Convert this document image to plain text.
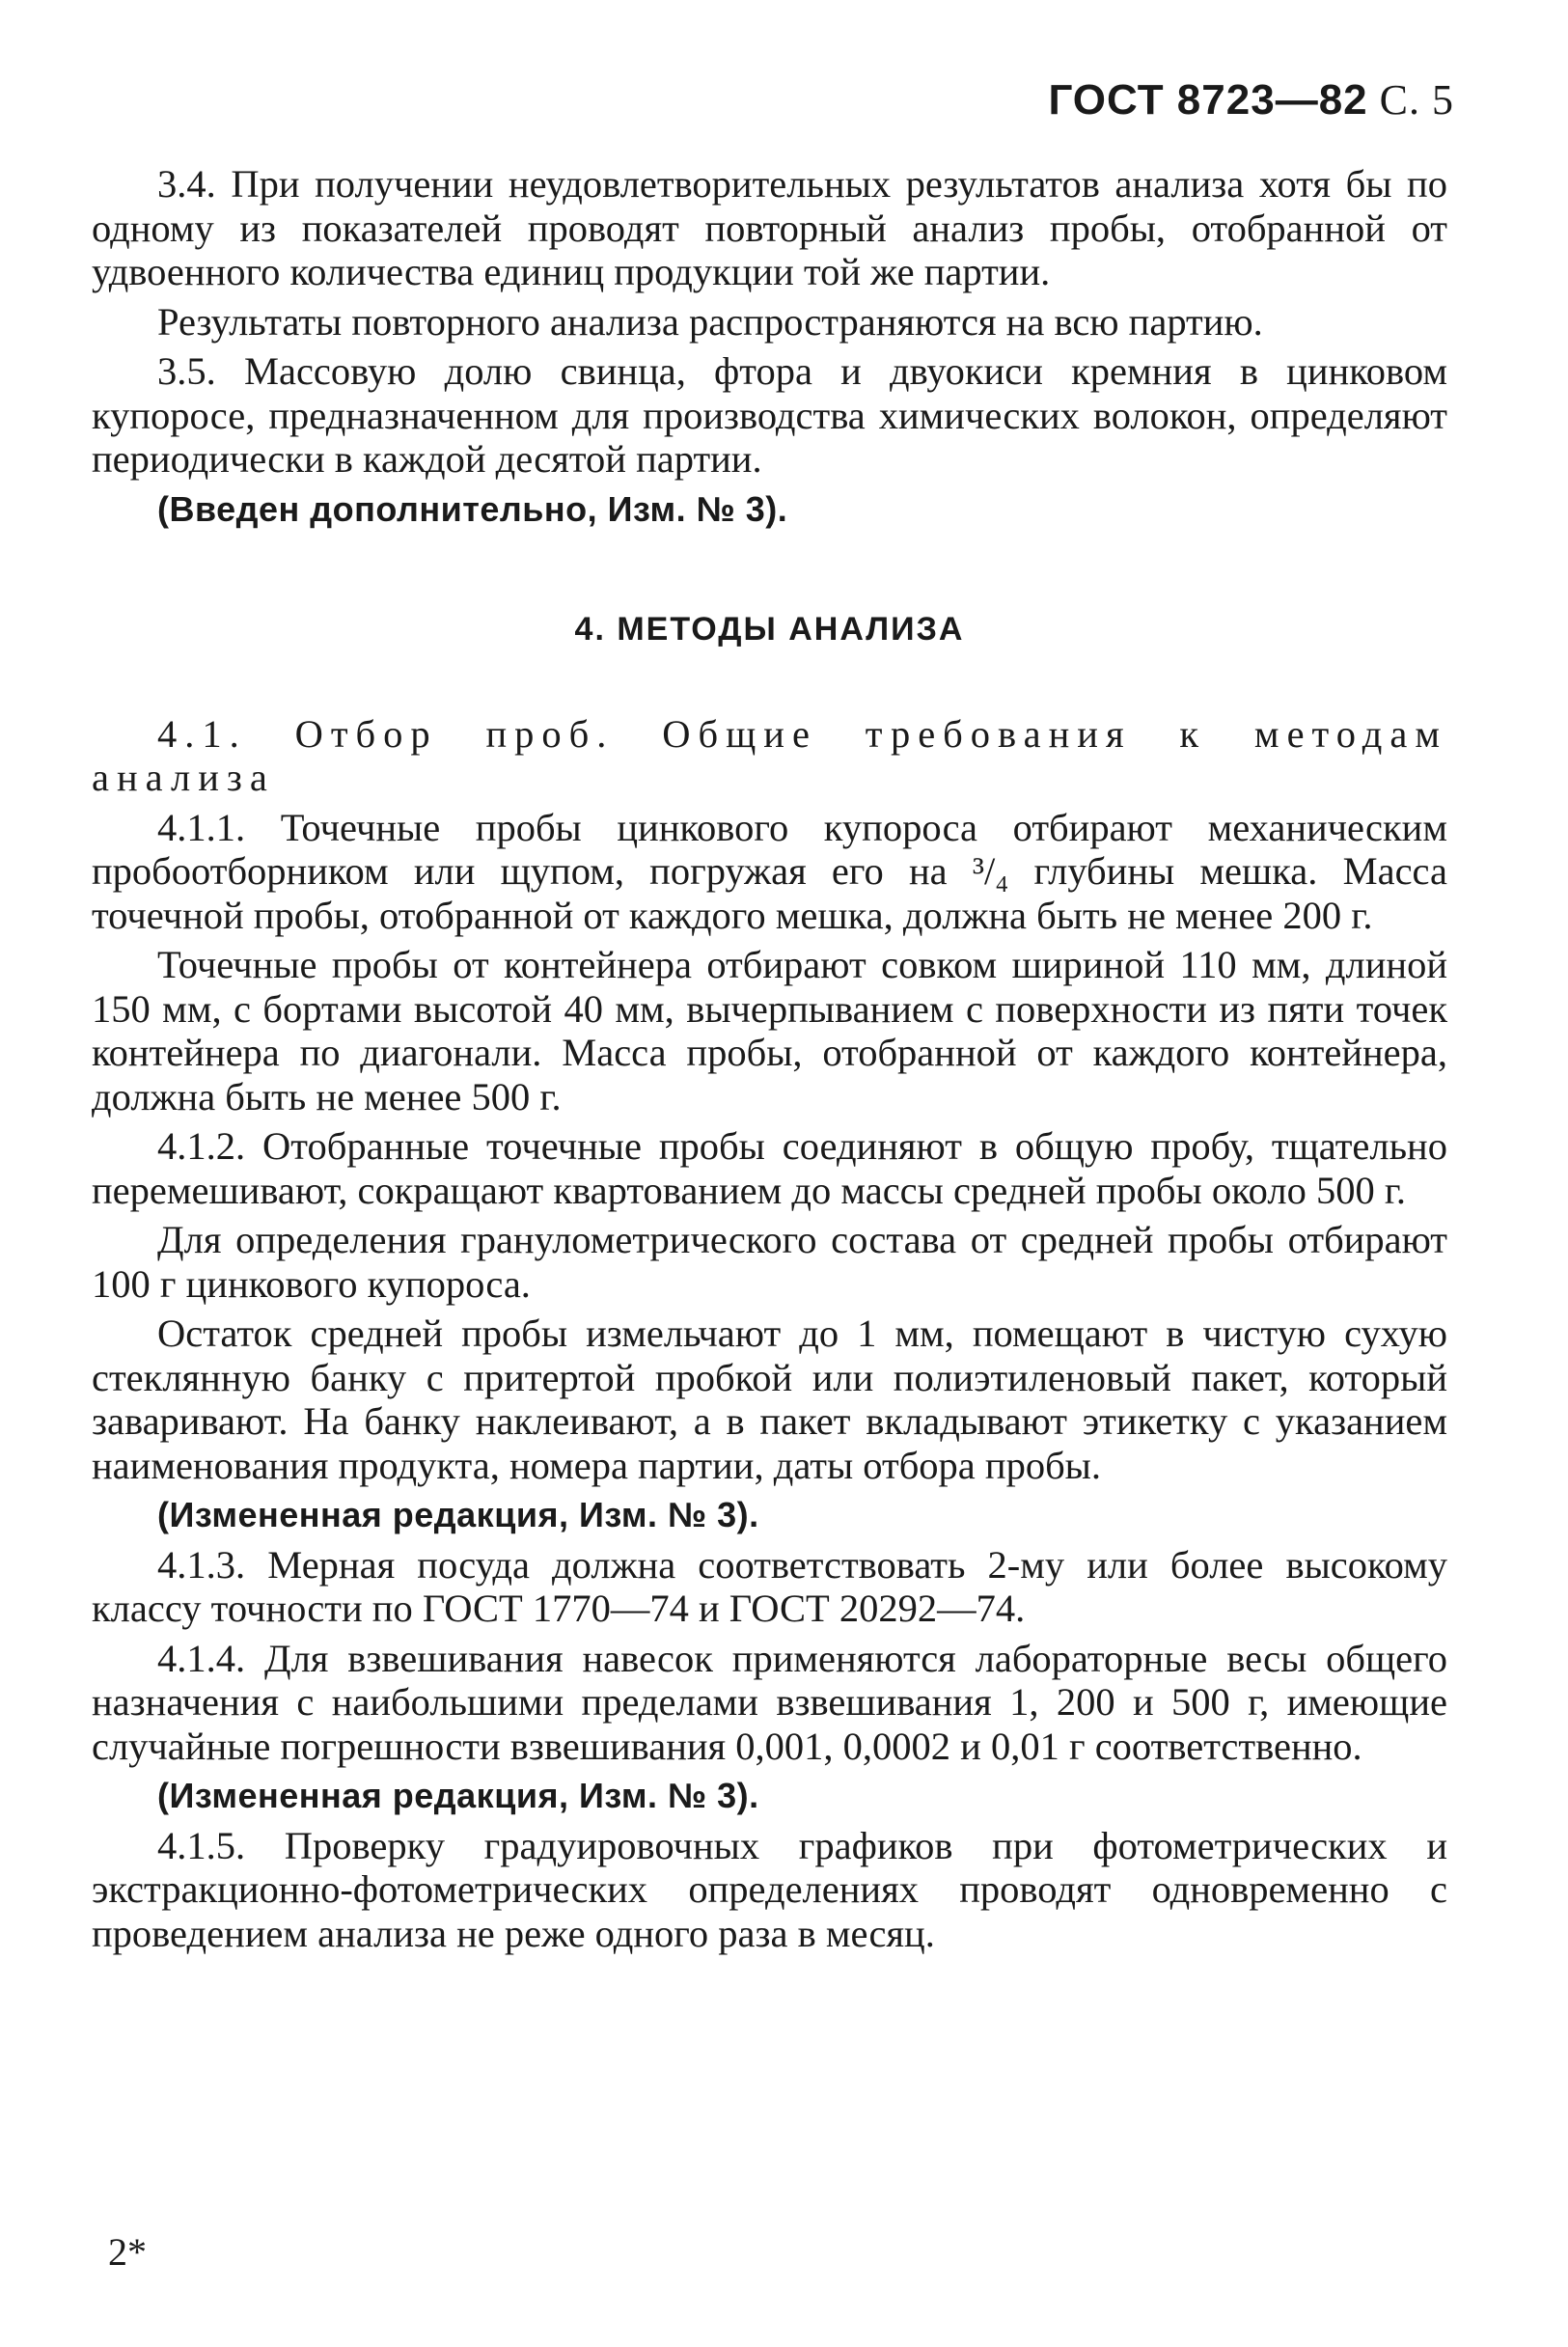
ГОСТ 8723—82 С. 5

3.4. При получении неудовлетворительных результатов анализа хотя бы по одному из показателей проводят повторный анализ пробы, отобранной от удвоенного количества единиц продукции той же партии.

Результаты повторного анализа распространяются на всю партию.

3.5. Массовую долю свинца, фтора и двуокиси кремния в цинковом купоросе, предназначенном для производства химических волокон, определяют периодически в каждой десятой партии.

(Введен дополнительно, Изм. № 3).

4. МЕТОДЫ АНАЛИЗА

4.1. Отбор проб. Общие требования к методам анализа

4.1.1. Точечные пробы цинкового купороса отбирают механическим пробоотборником или щупом, погружая его на ³/₄ глубины мешка. Масса точечной пробы, отобранной от каждого мешка, должна быть не менее 200 г.

Точечные пробы от контейнера отбирают совком шириной 110 мм, длиной 150 мм, с бортами высотой 40 мм, вычерпыванием с поверхности из пяти точек контейнера по диагонали. Масса пробы, отобранной от каждого контейнера, должна быть не менее 500 г.

4.1.2. Отобранные точечные пробы соединяют в общую пробу, тщательно перемешивают, сокращают квартованием до массы средней пробы около 500 г.

Для определения гранулометрического состава от средней пробы отбирают 100 г цинкового купороса.

Остаток средней пробы измельчают до 1 мм, помещают в чистую сухую стеклянную банку с притертой пробкой или полиэтиленовый пакет, который заваривают. На банку наклеивают, а в пакет вкладывают этикетку с указанием наименования продукта, номера партии, даты отбора пробы.

(Измененная редакция, Изм. № 3).

4.1.3. Мерная посуда должна соответствовать 2-му или более высокому классу точности по ГОСТ 1770—74 и ГОСТ 20292—74.

4.1.4. Для взвешивания навесок применяются лабораторные весы общего назначения с наибольшими пределами взвешивания 1, 200 и 500 г, имеющие случайные погрешности взвешивания 0,001, 0,0002 и 0,01 г соответственно.

(Измененная редакция, Изм. № 3).

4.1.5. Проверку градуировочных графиков при фотометрических и экстракционно-фотометрических определениях проводят одновременно с проведением анализа не реже одного раза в месяц.

2*
